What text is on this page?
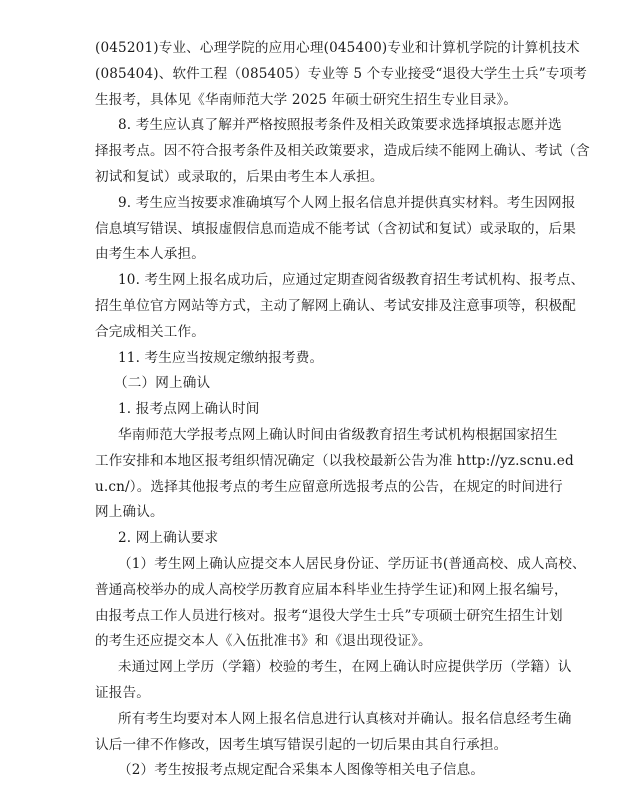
(045201)专业、心理学院的应用心理(045400)专业和计算机学院的计算机技术
(085404)、软件工程（085405）专业等 5 个专业接受“退役大学生士兵”专项考
生报考，具体见《华南师范大学 2025 年硕士研究生招生专业目录》。
8. 考生应认真了解并严格按照报考条件及相关政策要求选择填报志愿并选
择报考点。因不符合报考条件及相关政策要求，造成后续不能网上确认、考试（含
初试和复试）或录取的，后果由考生本人承担。
9. 考生应当按要求准确填写个人网上报名信息并提供真实材料。考生因网报
信息填写错误、填报虚假信息而造成不能考试（含初试和复试）或录取的，后果
由考生本人承担。
10. 考生网上报名成功后，应通过定期查阅省级教育招生考试机构、报考点、
招生单位官方网站等方式，主动了解网上确认、考试安排及注意事项等，积极配
合完成相关工作。
11. 考生应当按规定缴纳报考费。
（二）网上确认
1. 报考点网上确认时间
华南师范大学报考点网上确认时间由省级教育招生考试机构根据国家招生
工作安排和本地区报考组织情况确定（以我校最新公告为准 http://yz.scnu.ed
u.cn/）。选择其他报考点的考生应留意所选报考点的公告，在规定的时间进行
网上确认。
2. 网上确认要求
（1）考生网上确认应提交本人居民身份证、学历证书(普通高校、成人高校、
普通高校举办的成人高校学历教育应届本科毕业生持学生证)和网上报名编号，
由报考点工作人员进行核对。报考“退役大学生士兵”专项硕士研究生招生计划
的考生还应提交本人《入伍批准书》和《退出现役证》。
未通过网上学历（学籍）校验的考生，在网上确认时应提供学历（学籍）认
证报告。
所有考生均要对本人网上报名信息进行认真核对并确认。报名信息经考生确
认后一律不作修改，因考生填写错误引起的一切后果由其自行承担。
（2）考生按报考点规定配合采集本人图像等相关电子信息。
